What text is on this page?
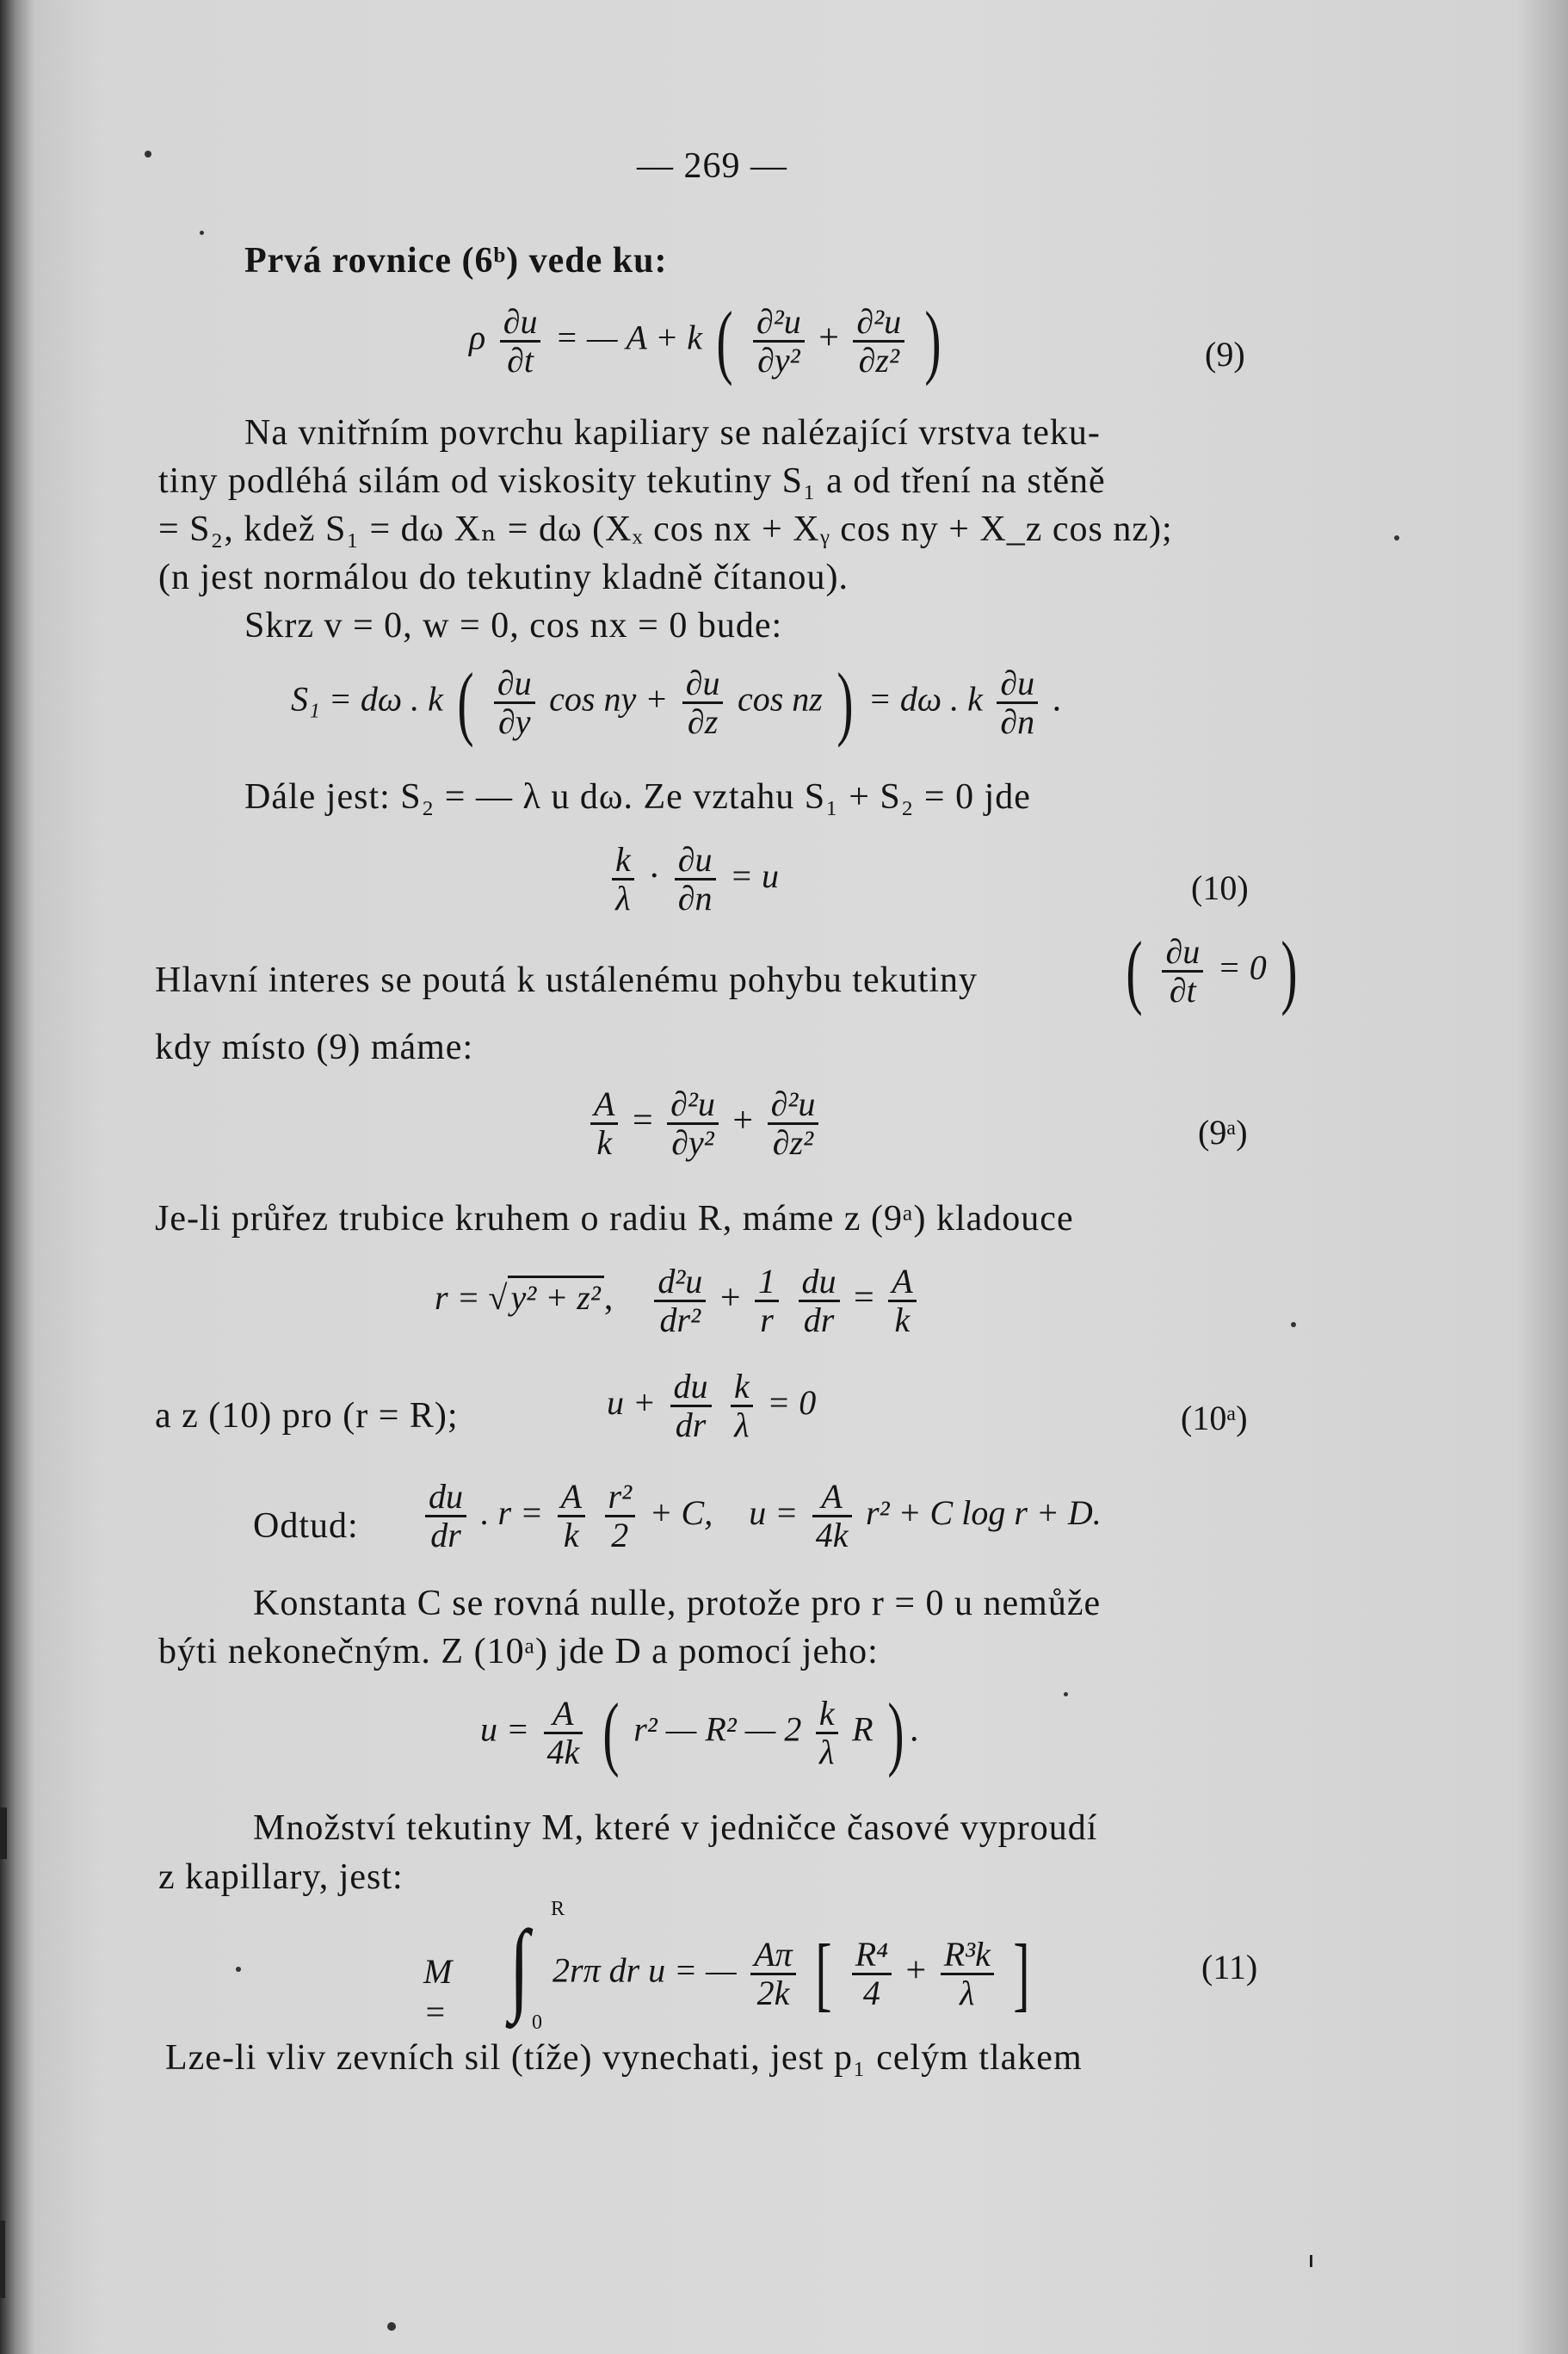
— 269 —
Prvá rovnice (6ᵇ) vede ku:
ρ $\frac{\partial u}{\partial t}$ = — A + k ( $\frac{\text{∂²u}}{\text{∂y²}} + \frac{\text{∂²u}}{\text{∂z²}}$ )	(9)
Na vnitřním povrchu kapiliary se nalézající vrstva teku-
tiny podléhá silám od viskosity tekutiny S₁ a od tření na stěně
= S₂, kdež S₁ = dω Xₙ = dω (Xₓ cos nx + Xᵧ cos ny + X_z cos nz);
(n jest normálou do tekutiny kladně čítanou).
Skrz v = 0, w = 0, cos nx = 0 bude:
S₁ = dω . k ( $\frac{\partial u}{\partial y}$ cos ny + $\frac{\partial u}{\partial z}$ cos nz ) = dω . k $\frac{\partial u}{\partial n}$ .
Dále jest: S₂ = — λ u dω. Ze vztahu S₁ + S₂ = 0 jde
$\frac{k}{\lambda} \cdot \frac{\partial u}{\partial n} = u$	(10)
Hlavní interes se poutá k ustálenému pohybu tekutiny ( $\frac{\partial u}{\partial t} = 0$ )
kdy místo (9) máme:
$\frac{A}{k} = \frac{\text{∂²u}}{\text{∂y²}} + \frac{\text{∂²u}}{\text{∂z²}}$	(9ᵃ)
Je-li průřez trubice kruhem o radiu R, máme z (9ᵃ) kladouce
r = √ y² + z², $\frac{\text{d²u}}{\text{dr²}} + \frac{1}{r}$
$\frac{du}{dr} = \frac{A}{k}$
a z (10) pro (r = R);	$u + \frac{du}{dr}$
$\frac{k}{\lambda} = 0$	(10ᵃ)
Odtud: $\frac{du}{dr}$ . $r = \frac{A}{k}$
$\frac{\text{r²}}{2} + C$, $u = \frac{A}{4k} r^2 + C$ log r + D.
Konstanta C se rovná nulle, protože pro r = 0 u nemůže
býti nekonečným. Z (10ᵃ) jde D a pomocí jeho:
$u = \frac{A}{4k}$ ( r² — R² — $2 \frac{k}{\lambda}$ R ) .
Množství tekutiny M, které v jedničce časové vyproudí
z kapillary, jest:
M = ∫ R
0
2rπ dr u = — $\frac{A\pi}{2k}$ [ $\frac{\text{R⁴}}{4} + \frac{\text{R³k}}{\lambda}$ ]	(11)
Lze-li vliv zevních sil (tíže) vynechati, jest p₁ celým tlakem
